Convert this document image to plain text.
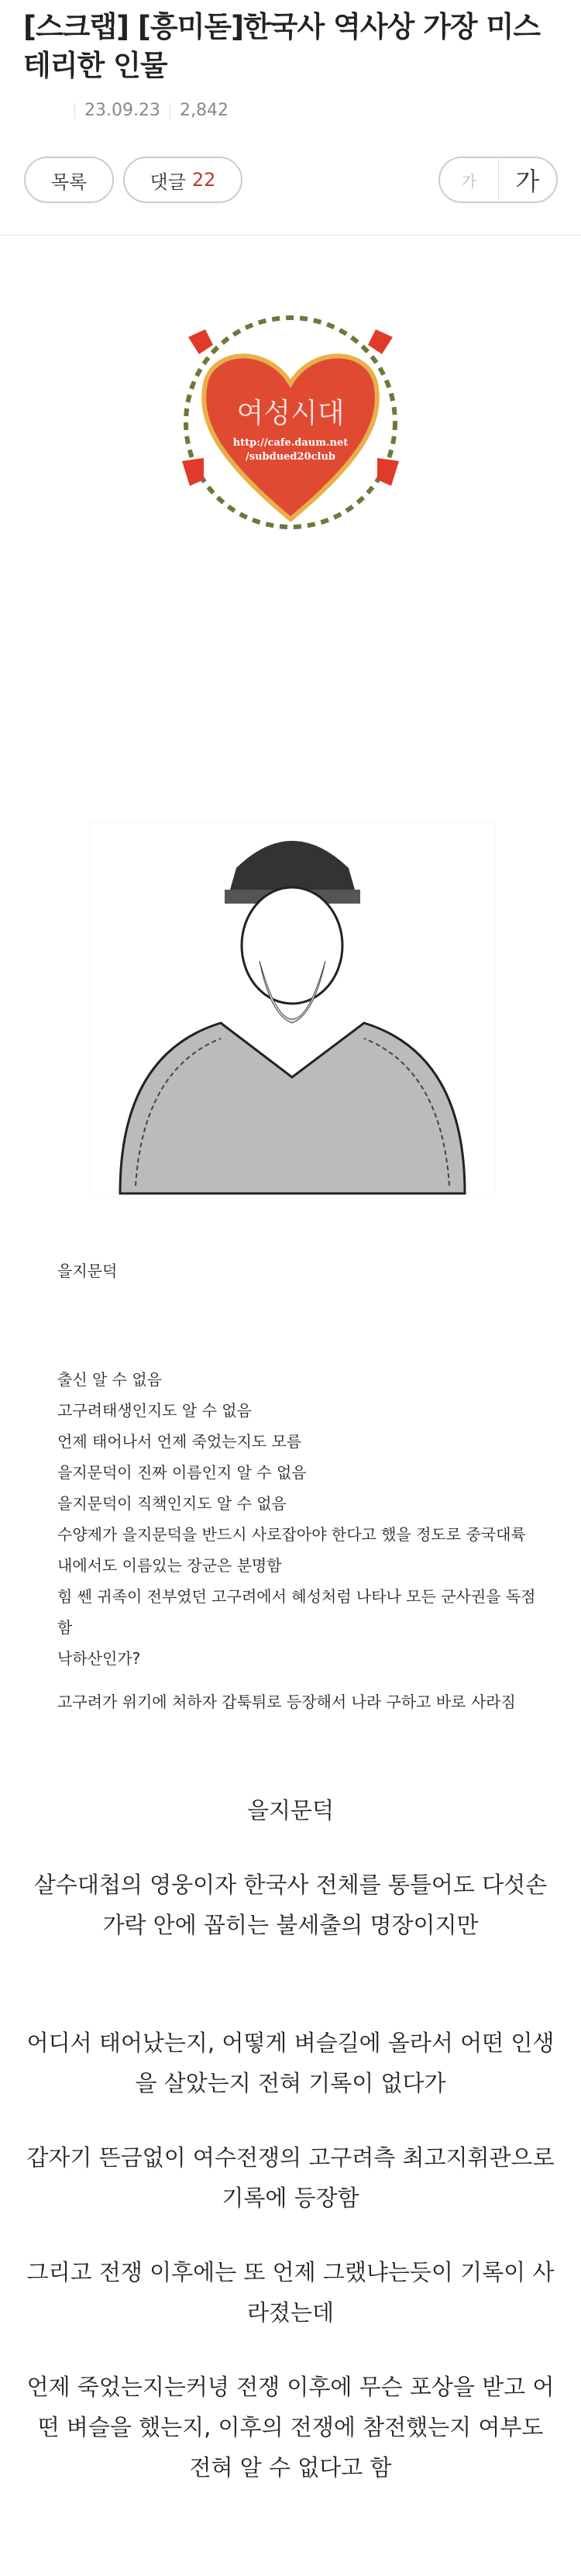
[스크랩] [흥미돋]한국사 역사상 가장 미스테리한 인물
23.09.23 2,842
목록	댓글 22	가	가
여성시대
http://cafe.daum.net
/subdued20club

을지문덕

출신 알 수 없음

고구려태생인지도 알 수 없음

언제 태어나서 언제 죽었는지도 모름

을지문덕이 진짜 이름인지 알 수 없음

을지문덕이 직책인지도 알 수 없음

수양제가 을지문덕을 반드시 사로잡아야 한다고 했을 정도로 중국대륙 내에서도 이름있는 장군은 분명함

힘 쎈 귀족이 전부였던 고구려에서 혜성처럼 나타나 모든 군사권을 독점함

낙하산인가?

고구려가 위기에 처하자 갑툭튀로 등장해서 나라 구하고 바로 사라짐

을지문덕

살수대첩의 영웅이자 한국사 전체를 통틀어도 다섯손가락 안에 꼽히는 불세출의 명장이지만

어디서 태어났는지, 어떻게 벼슬길에 올라서 어떤 인생을 살았는지 전혀 기록이 없다가

갑자기 뜬금없이 여수전쟁의 고구려측 최고지휘관으로 기록에 등장함

그리고 전쟁 이후에는 또 언제 그랬냐는듯이 기록이 사라졌는데

언제 죽었는지는커녕 전쟁 이후에 무슨 포상을 받고 어떤 벼슬을 했는지, 이후의 전쟁에 참전했는지 여부도 전혀 알 수 없다고 함
